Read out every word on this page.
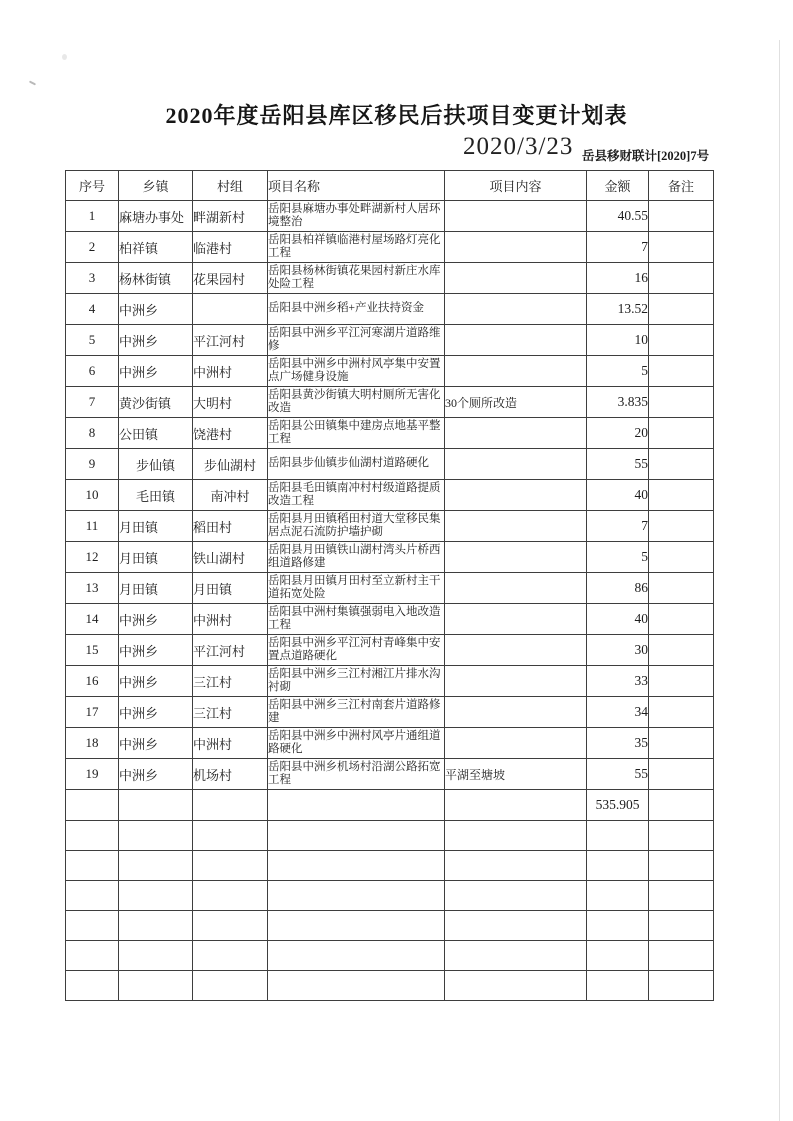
2020年度岳阳县库区移民后扶项目变更计划表
2020/3/23 岳县移财联计[2020]7号
序号	乡镇	村组	项目名称	项目内容	金额	备注
1	麻塘办事处	畔湖新村	岳阳县麻塘办事处畔湖新村人居环境整治		40.55	
2	柏祥镇	临港村	岳阳县柏祥镇临港村屋场路灯亮化工程		7	
3	杨林街镇	花果园村	岳阳县杨林街镇花果园村新庄水库处险工程		16	
4	中洲乡		岳阳县中洲乡稻+产业扶持资金		13.52	
5	中洲乡	平江河村	岳阳县中洲乡平江河寒湖片道路维修		10	
6	中洲乡	中洲村	岳阳县中洲乡中洲村风亭集中安置点广场健身设施		5	
7	黄沙街镇	大明村	岳阳县黄沙街镇大明村厕所无害化改造	30个厕所改造	3.835	
8	公田镇	饶港村	岳阳县公田镇集中建房点地基平整工程		20	
9	步仙镇	步仙湖村	岳阳县步仙镇步仙湖村道路硬化		55	
10	毛田镇	南冲村	岳阳县毛田镇南冲村村级道路提质改造工程		40	
11	月田镇	稻田村	岳阳县月田镇稻田村道大堂移民集居点泥石流防护墙护砌		7	
12	月田镇	铁山湖村	岳阳县月田镇铁山湖村湾头片桥西组道路修建		5	
13	月田镇	月田镇	岳阳县月田镇月田村至立新村主干道拓宽处险		86	
14	中洲乡	中洲村	岳阳县中洲村集镇强弱电入地改造工程		40	
15	中洲乡	平江河村	岳阳县中洲乡平江河村青峰集中安置点道路硬化		30	
16	中洲乡	三江村	岳阳县中洲乡三江村湘江片排水沟衬砌		33	
17	中洲乡	三江村	岳阳县中洲乡三江村南套片道路修建		34	
18	中洲乡	中洲村	岳阳县中洲乡中洲村风亭片通组道路硬化		35	
19	中洲乡	机场村	岳阳县中洲乡机场村沿湖公路拓宽工程	平湖至塘坡	55	
					535.905	
